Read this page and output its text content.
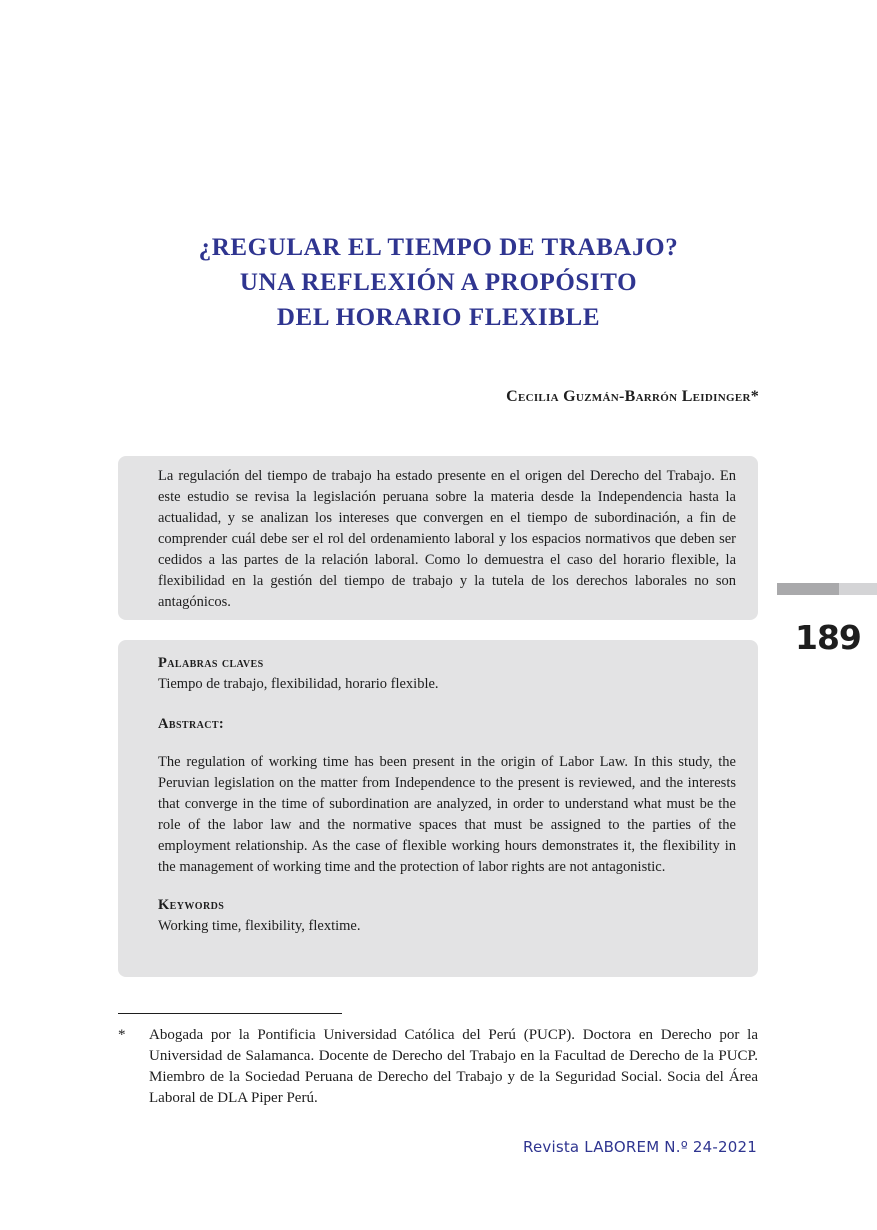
¿REGULAR EL TIEMPO DE TRABAJO?
UNA REFLEXIÓN A PROPÓSITO
DEL HORARIO FLEXIBLE
Cecilia Guzmán-Barrón Leidinger*
La regulación del tiempo de trabajo ha estado presente en el origen del Derecho del Trabajo. En este estudio se revisa la legislación peruana sobre la materia desde la Independencia hasta la actualidad, y se analizan los intereses que convergen en el tiempo de subordinación, a fin de comprender cuál debe ser el rol del ordenamiento laboral y los espacios normativos que deben ser cedidos a las partes de la relación laboral. Como lo demuestra el caso del horario flexible, la flexibilidad en la gestión del tiempo de trabajo y la tutela de los derechos laborales no son antagónicos.
Palabras claves
Tiempo de trabajo, flexibilidad, horario flexible.
Abstract:
The regulation of working time has been present in the origin of Labor Law. In this study, the Peruvian legislation on the matter from Independence to the present is reviewed, and the interests that converge in the time of subordination are analyzed, in order to understand what must be the role of the labor law and the normative spaces that must be assigned to the parties of the employment relationship. As the case of flexible working hours demonstrates it, the flexibility in the management of working time and the protection of labor rights are not antagonistic.
Keywords
Working time, flexibility, flextime.
189
* Abogada por la Pontificia Universidad Católica del Perú (PUCP). Doctora en Derecho por la Universidad de Salamanca. Docente de Derecho del Trabajo en la Facultad de Derecho de la PUCP. Miembro de la Sociedad Peruana de Derecho del Trabajo y de la Seguridad Social. Socia del Área Laboral de DLA Piper Perú.
Revista LABOREM N.º 24-2021
